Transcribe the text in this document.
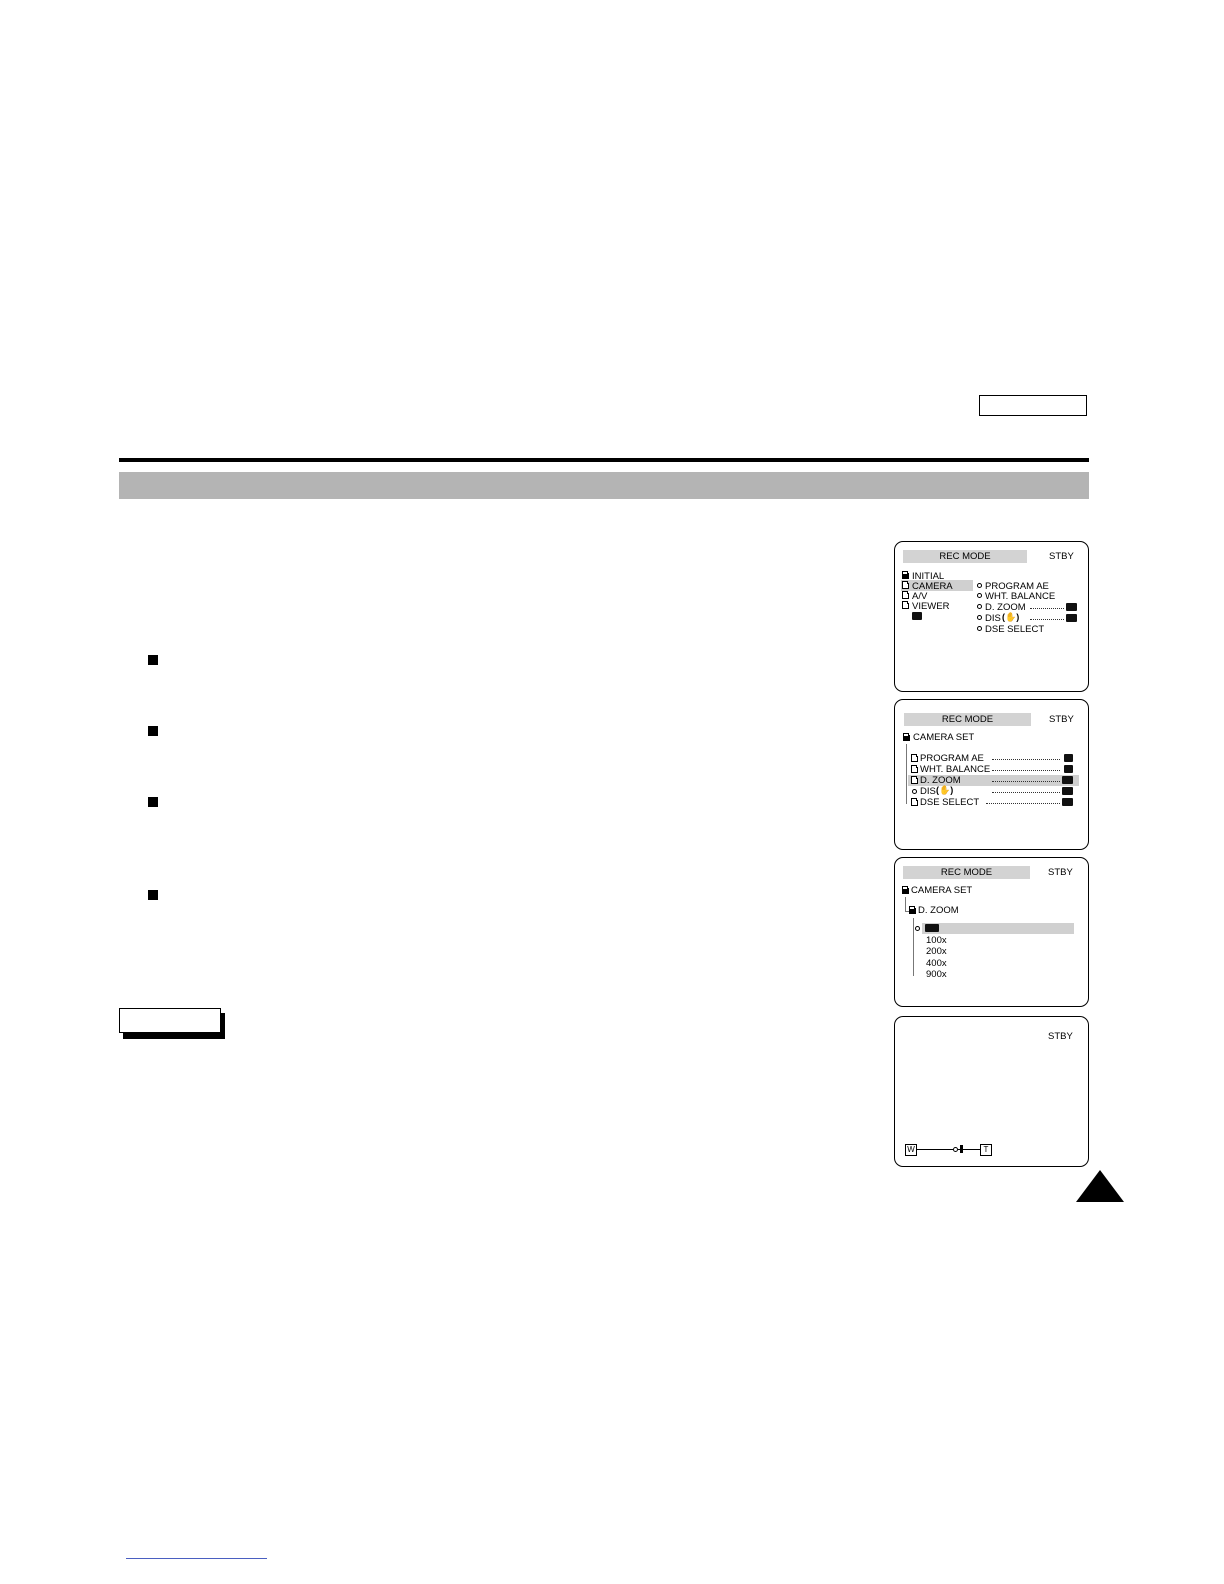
REC MODE	STBY
INITIAL
CAMERA
A/V
VIEWER
PROGRAM AE
WHT. BALANCE
D. ZOOM
DIS (✋)
DSE SELECT
REC MODE	STBY
CAMERA SET
PROGRAM AE
WHT. BALANCE
D. ZOOM
DIS (✋)
DSE SELECT
REC MODE	STBY
CAMERA SET
D. ZOOM
100x
200x
400x
900x
STBY
W	T
